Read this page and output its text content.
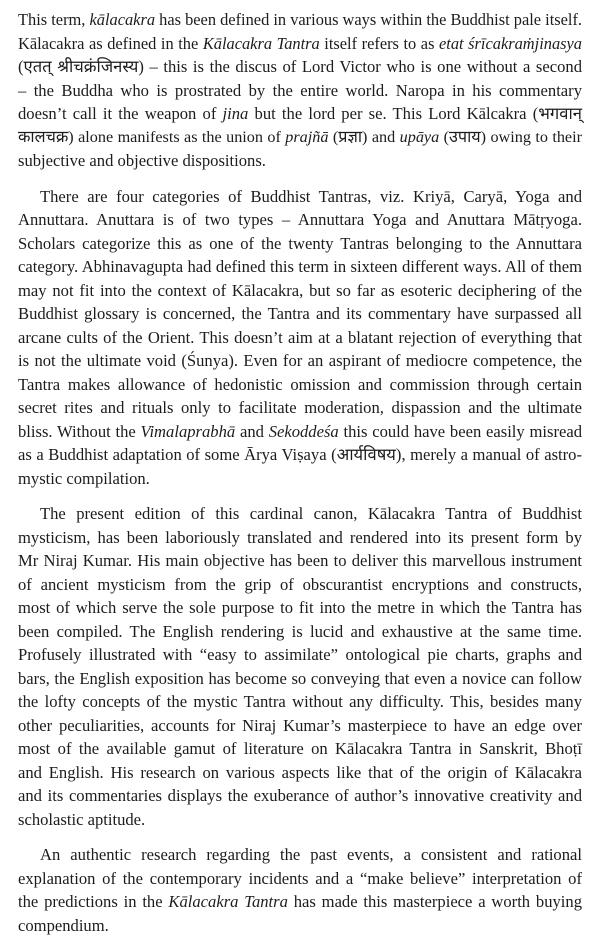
This term, kālacakra has been defined in various ways within the Buddhist pale itself.
Kālacakra as defined in the Kālacakra Tantra itself refers to as etat śrīcakraṁjinasya
(एतत् श्रीचक्रंजिनस्य) – this is the discus of Lord Victor who is one without a second
– the Buddha who is prostrated by the entire world. Naropa in his commentary
doesn’t call it the weapon of jina but the lord per se. This Lord Kālcakra (भगवान्
कालचक्र) alone manifests as the union of prajñā (प्रज्ञा) and upāya (उपाय) owing to their
subjective and objective dispositions.

There are four categories of Buddhist Tantras, viz. Kriyā, Caryā, Yoga and
Annuttara. Anuttara is of two types – Annuttara Yoga and Anuttara Mātṛyoga.
Scholars categorize this as one of the twenty Tantras belonging to the Annuttara
category. Abhinavagupta had defined this term in sixteen different ways. All of them
may not fit into the context of Kālacakra, but so far as esoteric deciphering of the
Buddhist glossary is concerned, the Tantra and its commentary have surpassed all
arcane cults of the Orient. This doesn’t aim at a blatant rejection of everything that
is not the ultimate void (Śunya). Even for an aspirant of mediocre competence, the
Tantra makes allowance of hedonistic omission and commission through certain
secret rites and rituals only to facilitate moderation, dispassion and the ultimate
bliss. Without the Vimalaprabhā and Sekoddeśa this could have been easily misread
as a Buddhist adaptation of some Ārya Viṣaya (आर्यविषय), merely a manual of astro-
mystic compilation.

The present edition of this cardinal canon, Kālacakra Tantra of Buddhist
mysticism, has been laboriously translated and rendered into its present form by
Mr Niraj Kumar. His main objective has been to deliver this marvellous instrument
of ancient mysticism from the grip of obscurantist encryptions and constructs,
most of which serve the sole purpose to fit into the metre in which the Tantra has
been compiled. The English rendering is lucid and exhaustive at the same time.
Profusely illustrated with “easy to assimilate” ontological pie charts, graphs and
bars, the English exposition has become so conveying that even a novice can follow
the lofty concepts of the mystic Tantra without any difficulty. This, besides many
other peculiarities, accounts for Niraj Kumar’s masterpiece to have an edge over
most of the available gamut of literature on Kālacakra Tantra in Sanskrit, Bhoṭī
and English. His research on various aspects like that of the origin of Kālacakra
and its commentaries displays the exuberance of author’s innovative creativity and
scholastic aptitude.

An authentic research regarding the past events, a consistent and rational
explanation of the contemporary incidents and a “make believe” interpretation of
the predictions in the Kālacakra Tantra has made this masterpiece a worth buying
compendium.
